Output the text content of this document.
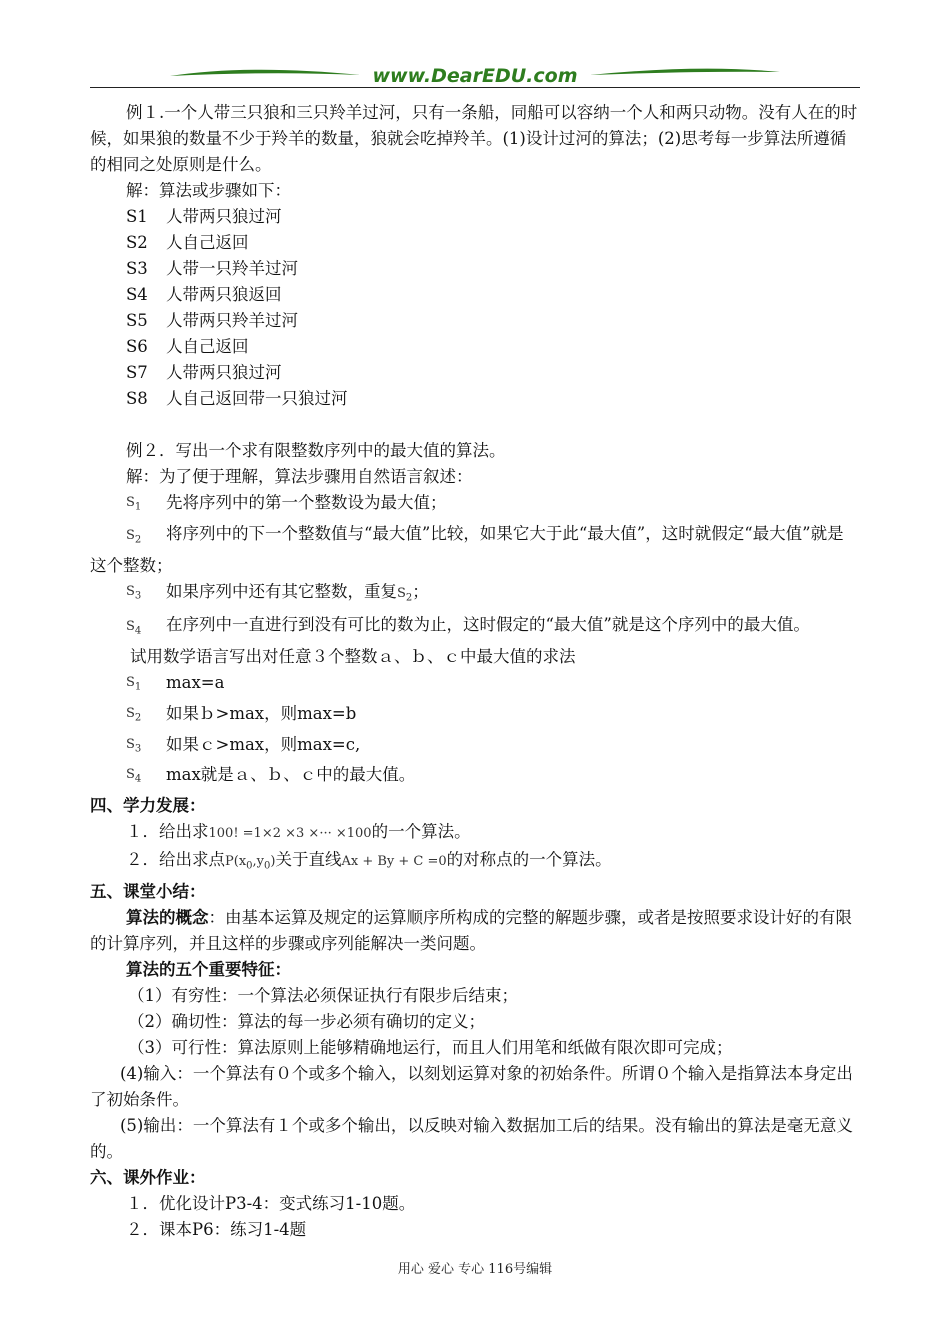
www.DearEDU.com

例１.一个人带三只狼和三只羚羊过河，只有一条船，同船可以容纳一个人和两只动物。没有人在的时候，如果狼的数量不少于羚羊的数量，狼就会吃掉羚羊。(1)设计过河的算法；(2)思考每一步算法所遵循的相同之处原则是什么。

解：算法或步骤如下：

S1	人带两只狼过河
S2	人自己返回
S3	人带一只羚羊过河
S4	人带两只狼返回
S5	人带两只羚羊过河
S6	人自己返回
S7	人带两只狼过河
S8	人自己返回带一只狼过河

例２．写出一个求有限整数序列中的最大值的算法。

解：为了便于理解，算法步骤用自然语言叙述：

$S_1$	先将序列中的第一个整数设为最大值；

$S_2$ 将序列中的下一个整数值与“最大值”比较，如果它大于此“最大值”，这时就假定“最大值”就是这个整数；

$S_3$	如果序列中还有其它整数，重复$S_2$；

$S_4$ 在序列中一直进行到没有可比的数为止，这时假定的“最大值”就是这个序列中的最大值。

试用数学语言写出对任意３个整数ａ、ｂ、ｃ中最大值的求法

$S_1$	max=a
$S_2$	如果ｂ>max，则max=b
$S_3$	如果ｃ>max，则max=c,
$S_4$	max就是ａ、ｂ、ｃ中的最大值。

四、学力发展：

１．给出求100! =1×2 ×3 ×··· ×100的一个算法。

２．给出求点$P(x_0,y_0)$关于直线Ax + By + C =0的对称点的一个算法。

五、课堂小结：

算法的概念：由基本运算及规定的运算顺序所构成的完整的解题步骤，或者是按照要求设计好的有限的计算序列，并且这样的步骤或序列能解决一类问题。

算法的五个重要特征：

（1）有穷性：一个算法必须保证执行有限步后结束；

（2）确切性：算法的每一步必须有确切的定义；

（3）可行性：算法原则上能够精确地运行，而且人们用笔和纸做有限次即可完成；

(4)输入：一个算法有０个或多个输入，以刻划运算对象的初始条件。所谓０个输入是指算法本身定出了初始条件。

(5)输出：一个算法有１个或多个输出，以反映对输入数据加工后的结果。没有输出的算法是毫无意义的。

六、课外作业：

１．优化设计P3-4：变式练习1-10题。

２．课本P6：练习1-4题

用心 爱心 专心 116号编辑
